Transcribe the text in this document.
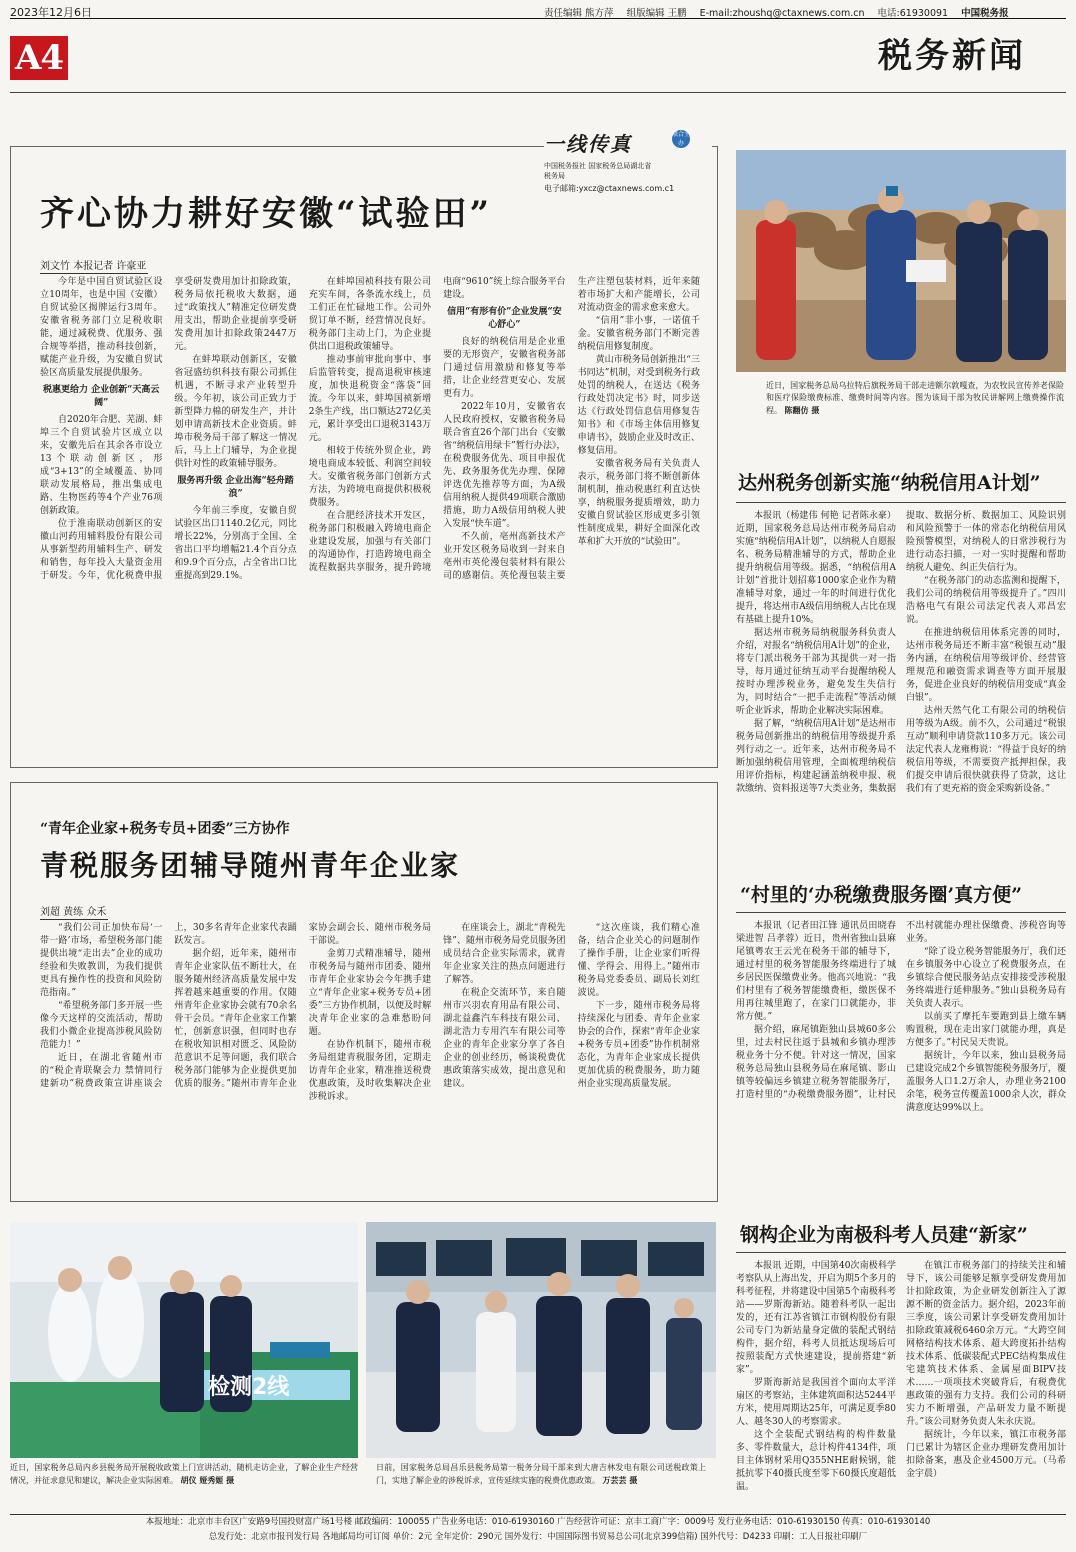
2023年12月6日	责任编辑 熊方萍 组版编辑 王鹏 E-mail:zhoushq@ctaxnews.com.cn 电话:61930091 中国税务报
A4	税务新闻
一线传真	联合主办
中国税务报社 国家税务总局湖北省税务局
电子邮箱:yxcz@ctaxnews.com.c1
齐心协力耕好安徽“试验田”
刘文竹 本报记者 许豪亚

今年是中国自贸试验区设立10周年，也是中国（安徽）自贸试验区揭牌运行3周年。安徽省税务部门立足税收职能，通过减税费、优服务、强合规等举措，推动科技创新，赋能产业升级，为安徽自贸试验区高质量发展提供服务。

税惠更给力 企业创新“天高云阔”

自2020年合肥、芜湖、蚌埠三个自贸试验片区成立以来，安徽先后在其余各市设立13个联动创新区，形成“3+13”的全域覆盖、协同联动发展格局，推出集成电路、生物医药等4个产业76项创新政策。

位于淮南联动创新区的安徽山河药用辅料股份有限公司从事新型药用辅料生产、研发和销售，每年投入大量资金用于研发。今年，优化税费申报享受研发费用加计扣除政策，税务局依托税收大数据，通过“政策找人”精准定位研发费用支出，帮助企业提前享受研发费用加计扣除政策2447万元。

在蚌埠联动创新区，安徽省冠盛纺织科技有限公司抓住机遇，不断寻求产业转型升级。今年初，该公司正致力于新型降力棉的研发生产，并计划申请高新技术企业资质。蚌埠市税务局干部了解这一情况后，马上上门辅导，为企业提供针对性的政策辅导服务。

服务再升级 企业出海“轻舟踏浪”

今年前三季度，安徽自贸试验区出口1140.2亿元，同比增长22%，分别高于全国、全省出口平均增幅21.4个百分点和9.9个百分点，占全省出口比重提高到29.1%。

在蚌埠国祯科技有限公司充实车间，各条流水线上，员工们正在忙碌地工作。公司外贸订单不断，经营情况良好。税务部门主动上门，为企业提供出口退税政策辅导。

推动事前审批向事中、事后监管转变，提高退税审核速度，加快退税资金“落袋”回流。今年以来，蚌埠国祯新增2条生产线，出口额达272亿美元，累计享受出口退税3143万元。

相较于传统外贸企业，跨境电商成本较低、利润空间较大。安徽省税务部门创新方式方法，为跨境电商提供积极税费服务。

在合肥经济技术开发区，税务部门积极融入跨境电商企业建设发展，加强与有关部门的沟通协作，打造跨境电商全流程数据共享服务，提升跨境电商“9610”统上综合服务平台建设。

信用“有形有价”企业发展“安心舒心”

良好的纳税信用是企业重要的无形资产，安徽省税务部门通过信用激励和修复等举措，让企业经营更安心、发展更有力。

2022年10月，安徽省农人民政府授权，安徽省税务局联合省直26个部门出台《安徽省“纳税信用绿卡”暂行办法》，在税费服务优先、项目申报优先、政务服务优先办理、保障评选优先推荐等方面，为A级信用纳税人提供49项联合激励措施，助力A级信用纳税人驶入发展“快车道”。

不久前，亳州高新技术产业开发区税务局收到一封来自亳州市英伦漫包装材料有限公司的感谢信。英伦漫包装主要生产注塑包装材料，近年来随着市场扩大和产能增长，公司对流动资金的需求愈来愈大。

“信用”非小事，一诺值千金。安徽省税务部门不断完善纳税信用修复制度。

黄山市税务局创新推出“三书同达”机制，对受到税务行政处罚的纳税人，在送达《税务行政处罚决定书》时，同步送达《行政处罚信息信用修复告知书》和《市场主体信用修复申请书》，鼓励企业及时改正、修复信用。

安徽省税务局有关负责人表示，税务部门将不断创新体制机制，推动税惠红利直达快享，纳税服务提质增效，助力安徽自贸试验区形成更多引领性制度成果，耕好全面深化改革和扩大开放的“试验田”。

近日，国家税务总局乌拉特后旗税务局干部走进额尔敦嘎查，为农牧民宣传养老保险和医疗保险缴费标准、缴费时间等内容。图为该局干部为牧民讲解网上缴费操作流程。 陈翻仿 摄
达州税务创新实施“纳税信用A计划”

本报讯（杨建伟 何艳 记者陈永豪）近期，国家税务总局达州市税务局启动实施“纳税信用A计划”，以纳税人自愿报名、税务局精准辅导的方式，帮助企业提升纳税信用等级。据悉，“纳税信用A计划”首批计划招募1000家企业作为精准辅导对象，通过一年的时间进行优化提升，将达州市A级信用纳税人占比在现有基础上提升10%。

据达州市税务局纳税服务科负责人介绍，对报名“纳税信用A计划”的企业，将专门派出税务干部为其提供一对一指导，每月通过征纳互动平台提醒纳税人按时办理涉税业务，避免发生失信行为，同时结合“一把手走流程”等活动倾听企业诉求，帮助企业解决实际困难。

据了解，“纳税信用A计划”是达州市税务局创新推出的纳税信用等级提升系列行动之一。近年来，达州市税务局不断加强纳税信用管理，全面梳理纳税信用评价指标，构建起涵盖纳税申报、税款缴纳、资料报送等7大类业务，集数据提取、数据分析、数据加工、风险识别和风险预警于一体的常态化纳税信用风险预警模型，对纳税人的日常涉税行为进行动态扫描，一对一实时提醒和帮助纳税人避免、纠正失信行为。

“在税务部门的动态监测和提醒下，我们公司的纳税信用等级提升了。”四川浩格电气有限公司法定代表人邓昌宏说。

在推进纳税信用体系完善的同时，达州市税务局还不断丰富“税银互动”服务内涵，在纳税信用等级评价、经营管理规范和融资需求调查等方面开展服务，促进企业良好的纳税信用变成“真金白银”。

达州天然气化工有限公司的纳税信用等级为A级。前不久，公司通过“税银互动”顺利申请贷款110多万元。该公司法定代表人龙雍梅说：“得益于良好的纳税信用等级，不需要资产抵押担保，我们提交申请后很快就获得了贷款，这让我们有了更充裕的资金采购新设备。”

“青年企业家+税务专员+团委”三方协作
青税服务团辅导随州青年企业家
刘超 黄练 众禾

“我们公司正加快布局‘一带一路’市场，希望税务部门能提供出境“走出去”企业的成功经验和失败教训，为我们提供更具有操作性的投资和风险防范指南。”

“希望税务部门多开展一些像今天这样的交流活动，帮助我们小微企业提高涉税风险防范能力！”

近日，在湖北省随州市的“税企青联聚会力 禁情同行建新功”税费政策宣讲座谈会上，30多名青年企业家代表踊跃发言。

据介绍，近年来，随州市青年企业家队伍不断壮大，在服务随州经济高质量发展中发挥着越来越重要的作用。仅随州青年企业家协会就有70余名骨干会员。“青年企业家工作繁忙，创新意识强，但同时也存在税收知识相对匮乏、风险防范意识不足等问题，我们联合税务部门能够为企业提供更加优质的服务。”随州市青年企业家协会副会长、随州市税务局干部说。

金剪刀式精准辅导，随州市税务局与随州市团委、随州市青年企业家协会今年携手建立“青年企业家+税务专员+团委”三方协作机制，以便及时解决青年企业家的急难愁盼问题。

在协作机制下，随州市税务局组建青税服务团，定期走访青年企业家，精准推送税费优惠政策，及时收集解决企业涉税诉求。

在座谈会上，湖北“青税先锋”、随州市税务局党员服务团成员结合企业实际需求，就青年企业家关注的热点问题进行了解答。

在税企交流环节，来自随州市兴羽农育用品有限公司、湖北益鑫汽车科技有限公司、湖北浩力专用汽车有限公司等企业的青年企业家分享了各自企业的创业经历，畅谈税费优惠政策落实成效，提出意见和建议。

“这次座谈，我们精心准备，结合企业关心的问题制作了操作手册，让企业家们听得懂、学得会、用得上。”随州市税务局党委委员、副局长刘红波说。

下一步，随州市税务局将持续深化与团委、青年企业家协会的合作，探索“青年企业家+税务专员+团委”协作机制常态化，为青年企业家成长提供更加优质的税费服务，助力随州企业实现高质量发展。

“村里的‘办税缴费服务圈’真方便”

本报讯（记者田江锋 通讯员田晓春 梁进智 吕孝蓉）近日，贵州省独山县麻尾镇粤农王云光在税务干部的辅导下，通过村里的税务智能服务终端进行了城乡居民医保缴费业务。他高兴地说：“我们村里有了税务智能缴费柜，缴医保不用再往城里跑了，在家门口就能办，非常方便。”

据介绍，麻尾镇距独山县城60多公里，过去村民往返于县城和乡镇办理涉税业务十分不便。针对这一情况，国家税务总局独山县税务局在麻尾镇、影山镇等较偏远乡镇建立税务智能服务厅，打造村里的“办税缴费服务圈”，让村民不出村就能办理社保缴费、涉税咨询等业务。

“除了设立税务智能服务厅，我们还在乡镇服务中心设立了税费服务点，在乡镇综合便民服务站点安排接受涉税服务终端进行延伸服务。”独山县税务局有关负责人表示。

以前买了摩托车要跑到县上缴车辆购置税，现在走出家门就能办理，真是方便多了。”村民吴天贵说。

据统计，今年以来，独山县税务局已建设完成2个乡镇智能税务服务厅，覆盖服务人口1.2万余人，办理业务2100余笔，税务宣传覆盖1000余人次，群众满意度达99%以上。

检测2线
近日，国家税务总局内乡县税务局开展税收政策上门宣讲活动，随机走访企业，了解企业生产经营情况，并征求意见和建议，解决企业实际困难。 胡仪 娅秀姬 摄
日前，国家税务总局昌乐县税务局第一税务分局干部来到大唐吉林发电有限公司送税政策上门，实地了解企业的涉税诉求，宣传延续实施的税费优惠政策。 万芸芸 摄
钢构企业为南极科考人员建“新家”

本报讯 近期，中国第40次南极科学考察队从上海出发，开启为期5个多月的科考征程，并将建设中国第5个南极科考站——罗斯海新站。随着科考队一起出发的，还有江苏省镇江市钢构股份有限公司专门为新站量身定做的装配式钢结构件，据介绍，科考人员抵达现场后可按照装配方式快速建设，提前搭建“新家”。

罗斯海新站是我国首个面向太平洋扇区的考察站，主体建筑面积达5244平方米，使用周期达25年，可满足夏季80人、越冬30人的考察需求。

这个全装配式钢结构的构件数量多、零件数量大，总计构件4134件，项目主体钢材采用Q355NHE耐候钢，能抵抗零下40摄氏度至零下60摄氏度超低温。

在镇江市税务部门的持续关注和辅导下，该公司能够足额享受研发费用加计扣除政策，为企业研发创新注入了源源不断的资金活力。据介绍，2023年前三季度，该公司累计享受研发费用加计扣除政策减税6460余万元。“大跨空间网格结构技术体系、超大跨度拓扑结构技术体系、低碳装配式PEC结构集成住宅建筑技术体系、金属屋面BIPV技术……一项项技术突破背后，有税费优惠政策的强有力支持。我们公司的科研实力不断增强，产品研发力量不断提升。”该公司财务负责人朱永庆说。

据统计，今年以来，镇江市税务部门已累计为辖区企业办理研发费用加计扣除备案，惠及企业4500万元。（马希 金宇晨）

本报地址：北京市丰台区广安路9号国投财富广场1号楼 邮政编码：100055 广告业务电话：010-61930160 广告经营许可证：京丰工商广字：0009号 发行业务电话：010-61930150 传真：010-61930140
总发行处：北京市报刊发行局 各地邮局均可订阅 单价：2元 全年定价：290元 国外发行：中国国际图书贸易总公司(北京399信箱) 国外代号：D4233 印刷：工人日报社印刷厂
